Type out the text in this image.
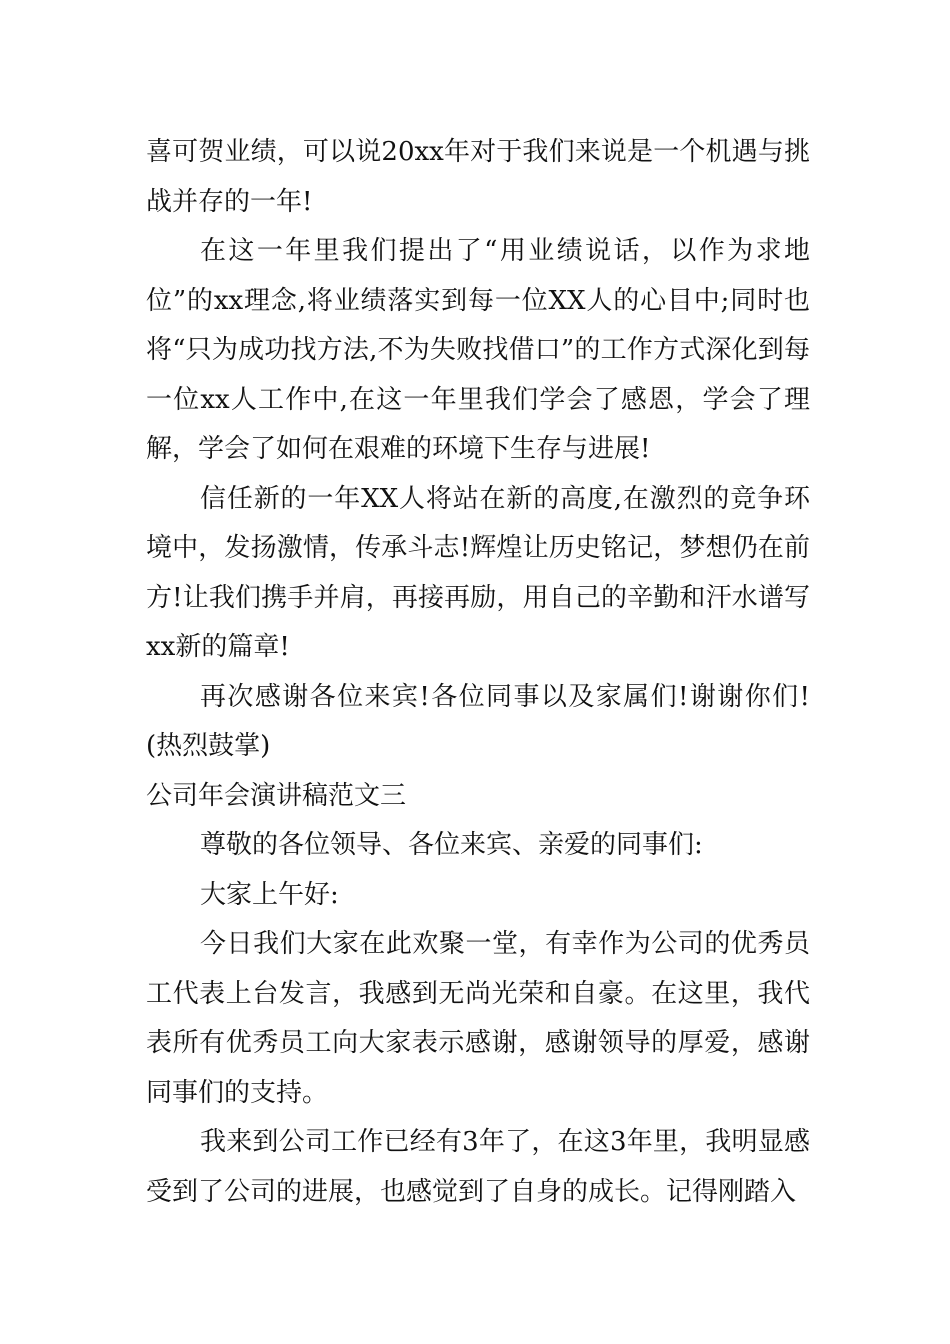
喜可贺业绩，可以说20xx年对于我们来说是一个机遇与挑战并存的一年!

在这一年里我们提出了“用业绩说话，以作为求地位”的xx理念,将业绩落实到每一位XX人的心目中;同时也将“只为成功找方法,不为失败找借口”的工作方式深化到每一位xx人工作中,在这一年里我们学会了感恩，学会了理解，学会了如何在艰难的环境下生存与进展!

信任新的一年XX人将站在新的高度,在激烈的竞争环境中，发扬激情，传承斗志!辉煌让历史铭记，梦想仍在前方!让我们携手并肩，再接再励，用自己的辛勤和汗水谱写xx新的篇章!

再次感谢各位来宾!各位同事以及家属们!谢谢你们!(热烈鼓掌)

公司年会演讲稿范文三

尊敬的各位领导、各位来宾、亲爱的同事们:

大家上午好:

今日我们大家在此欢聚一堂，有幸作为公司的优秀员工代表上台发言，我感到无尚光荣和自豪。在这里，我代表所有优秀员工向大家表示感谢，感谢领导的厚爱，感谢同事们的支持。

我来到公司工作已经有3年了，在这3年里，我明显感受到了公司的进展，也感觉到了自身的成长。记得刚踏入
